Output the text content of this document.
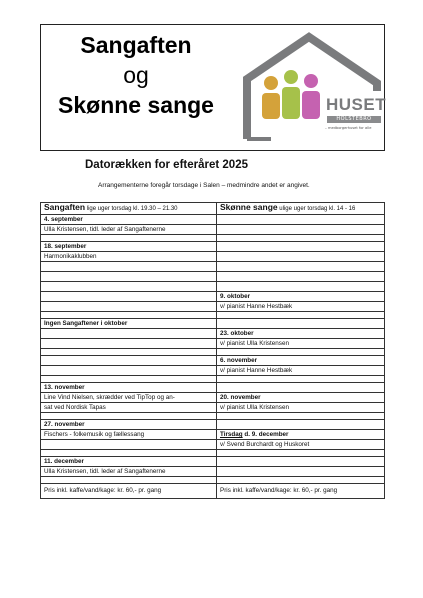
Sangaften
og
Skønne sange	HUSET
HOLSTEBRO
– medborgerhuset for alle
Datorækken for efteråret 2025
Arrangementerne foregår torsdage i Salen – medmindre andet er angivet.
Sangaften lige uger torsdag kl. 19.30 – 21.30	Skønne sange ulige uger torsdag kl. 14 - 16
4. september	
Ulla Kristensen, tidl. leder af Sangaftenerne	

18. september	
Harmonikaklubben	

	9. oktober
	v/ pianist Hanne Hestbæk

Ingen Sangaftener i oktober	
	23. oktober
	v/ pianist Ulla Kristensen

	6. november
	v/ pianist Hanne Hestbæk

13. november	
Line Vind Nielsen, skrædder ved TipTop og an-	20. november
sat ved Nordisk Tapas	v/ pianist Ulla Kristensen

27. november	
Fischers - folkemusik og fællessang	Tirsdag d. 9. december
	v/ Svend Burchardt og Huskoret

11. december	
Ulla Kristensen, tidl. leder af Sangaftenerne	

Pris inkl. kaffe/vand/kage: kr. 60,- pr. gang	Pris inkl. kaffe/vand/kage: kr. 60,- pr. gang
